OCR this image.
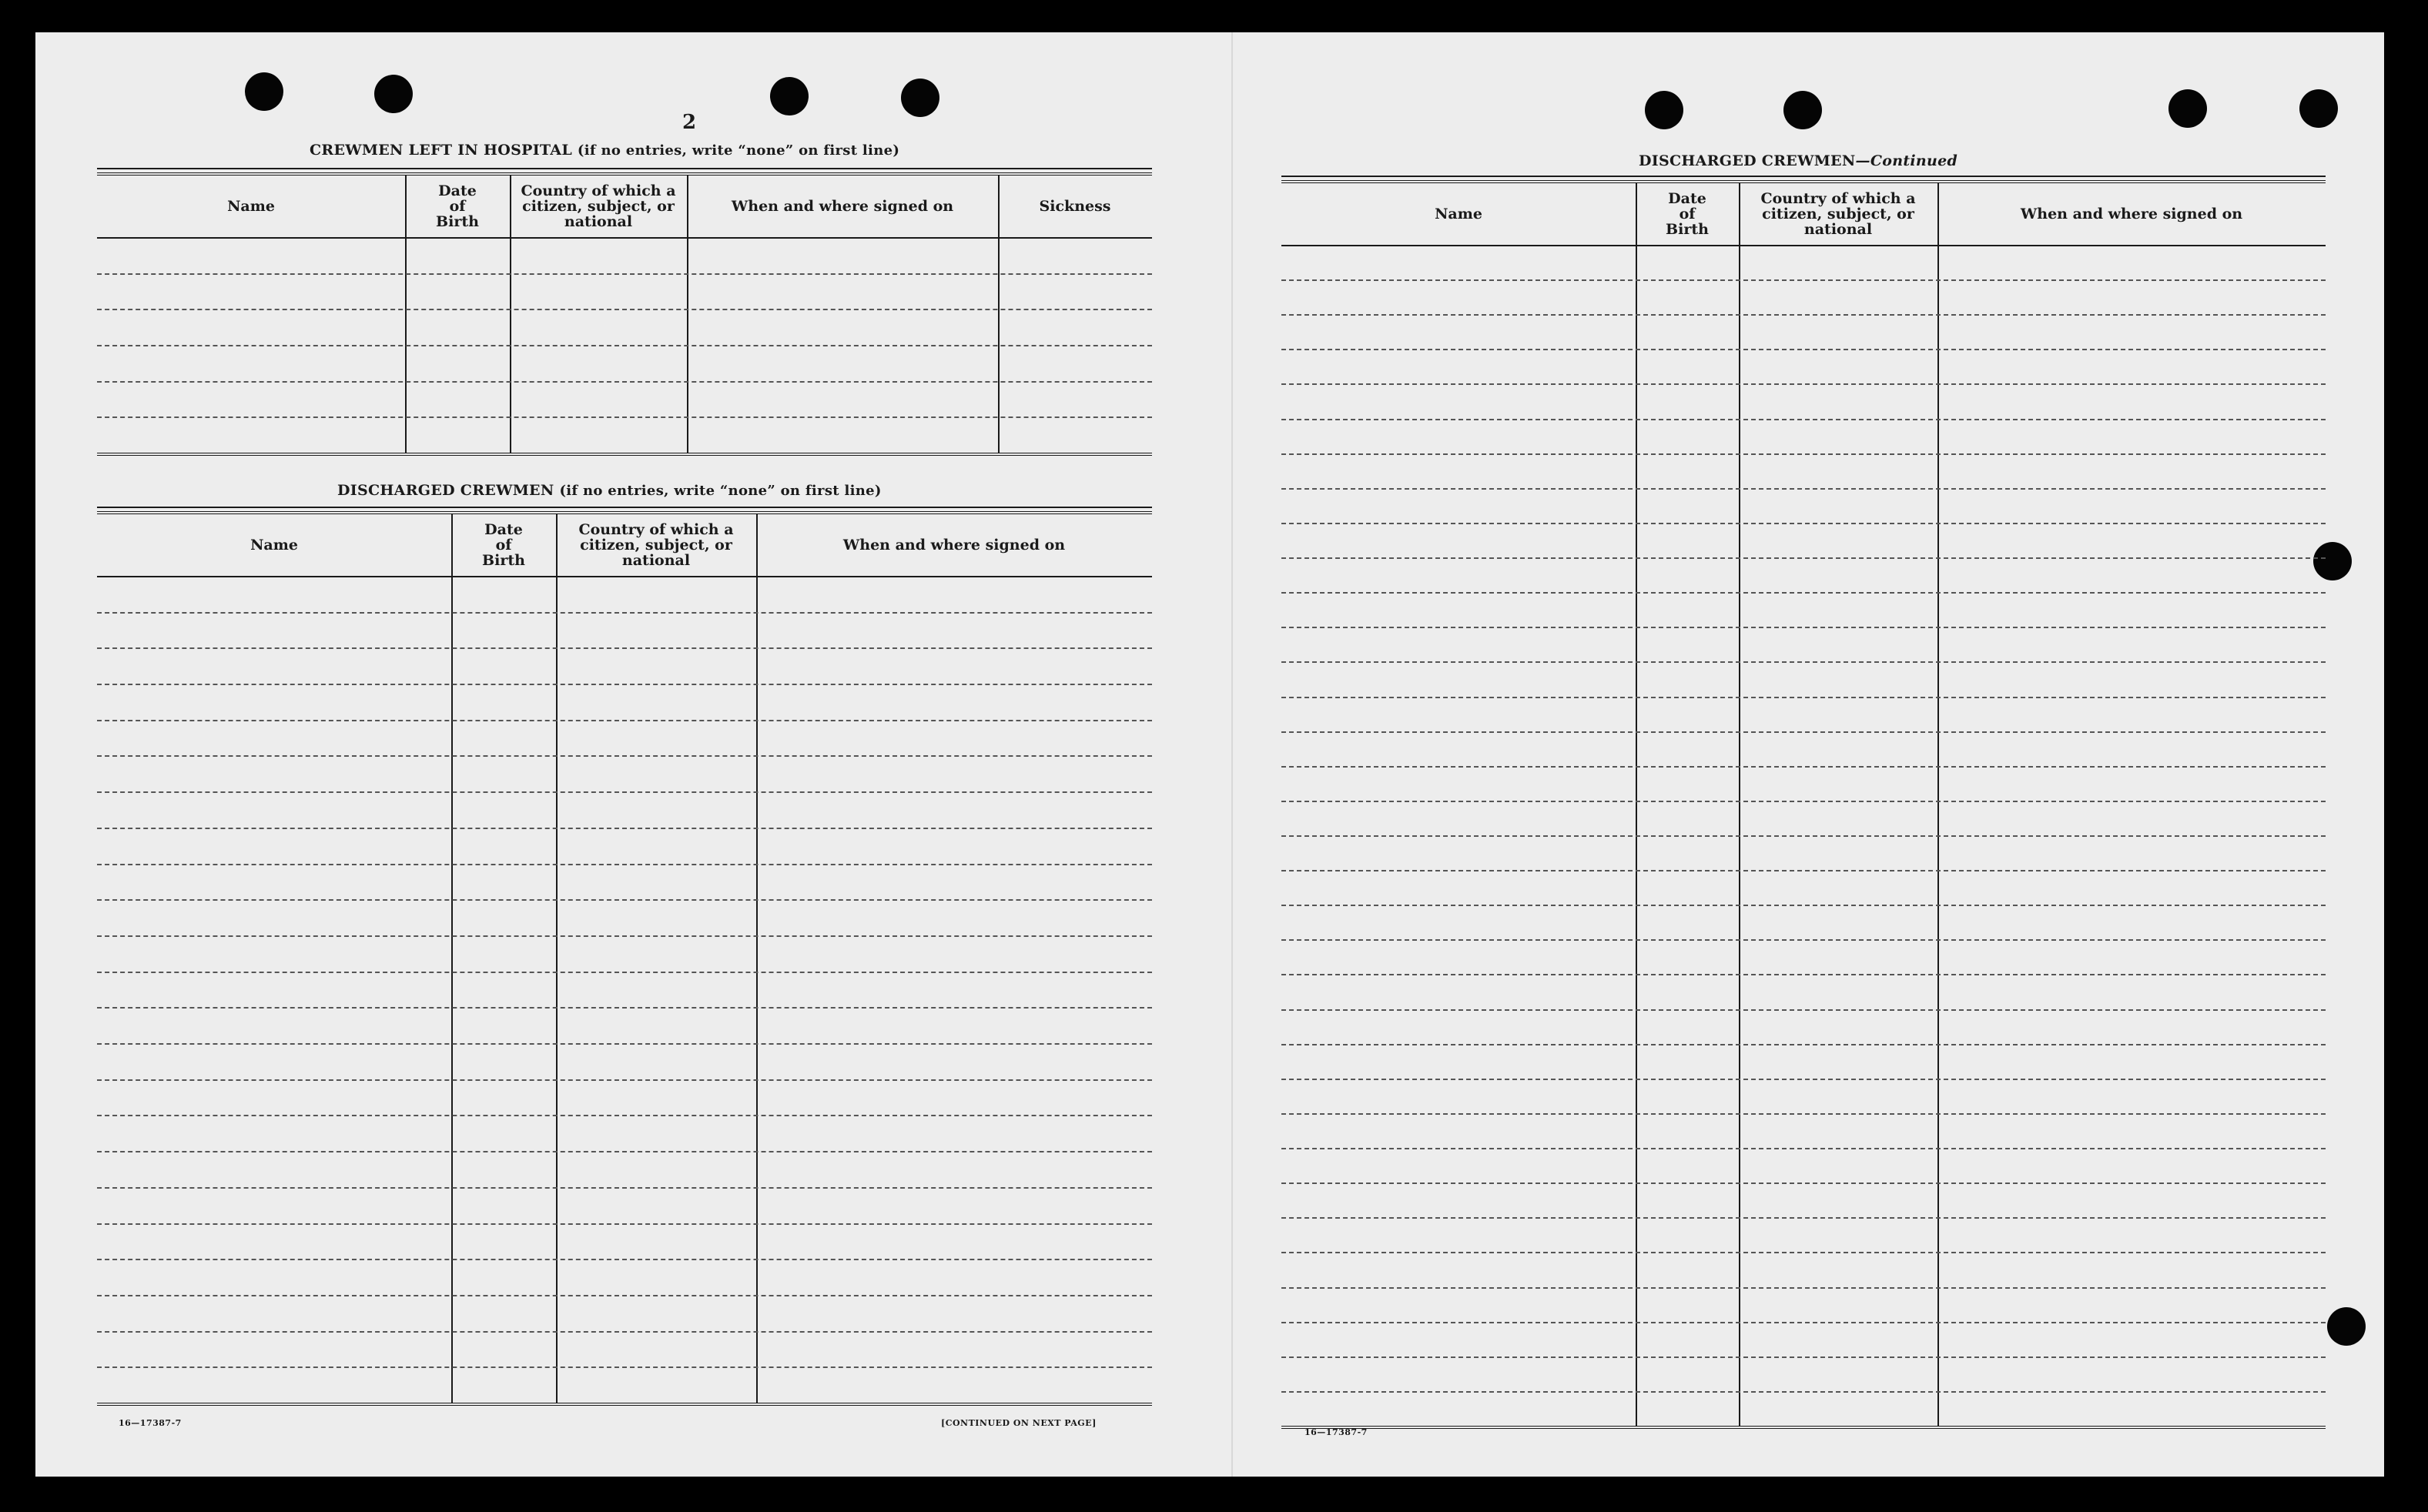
2
CREWMEN LEFT IN HOSPITAL (if no entries, write “none” on first line)
Name
Date
of
Birth
Country of which a
citizen, subject, or
national
When and where signed on	Sickness
DISCHARGED CREWMEN (if no entries, write “none” on first line)
Name
Date
of
Birth
Country of which a
citizen, subject, or
national
When and where signed on
16—17387-7	[CONTINUED ON NEXT PAGE]
DISCHARGED CREWMEN—Continued
Name
Date
of
Birth
Country of which a
citizen, subject, or
national
When and where signed on
16—17387-7
